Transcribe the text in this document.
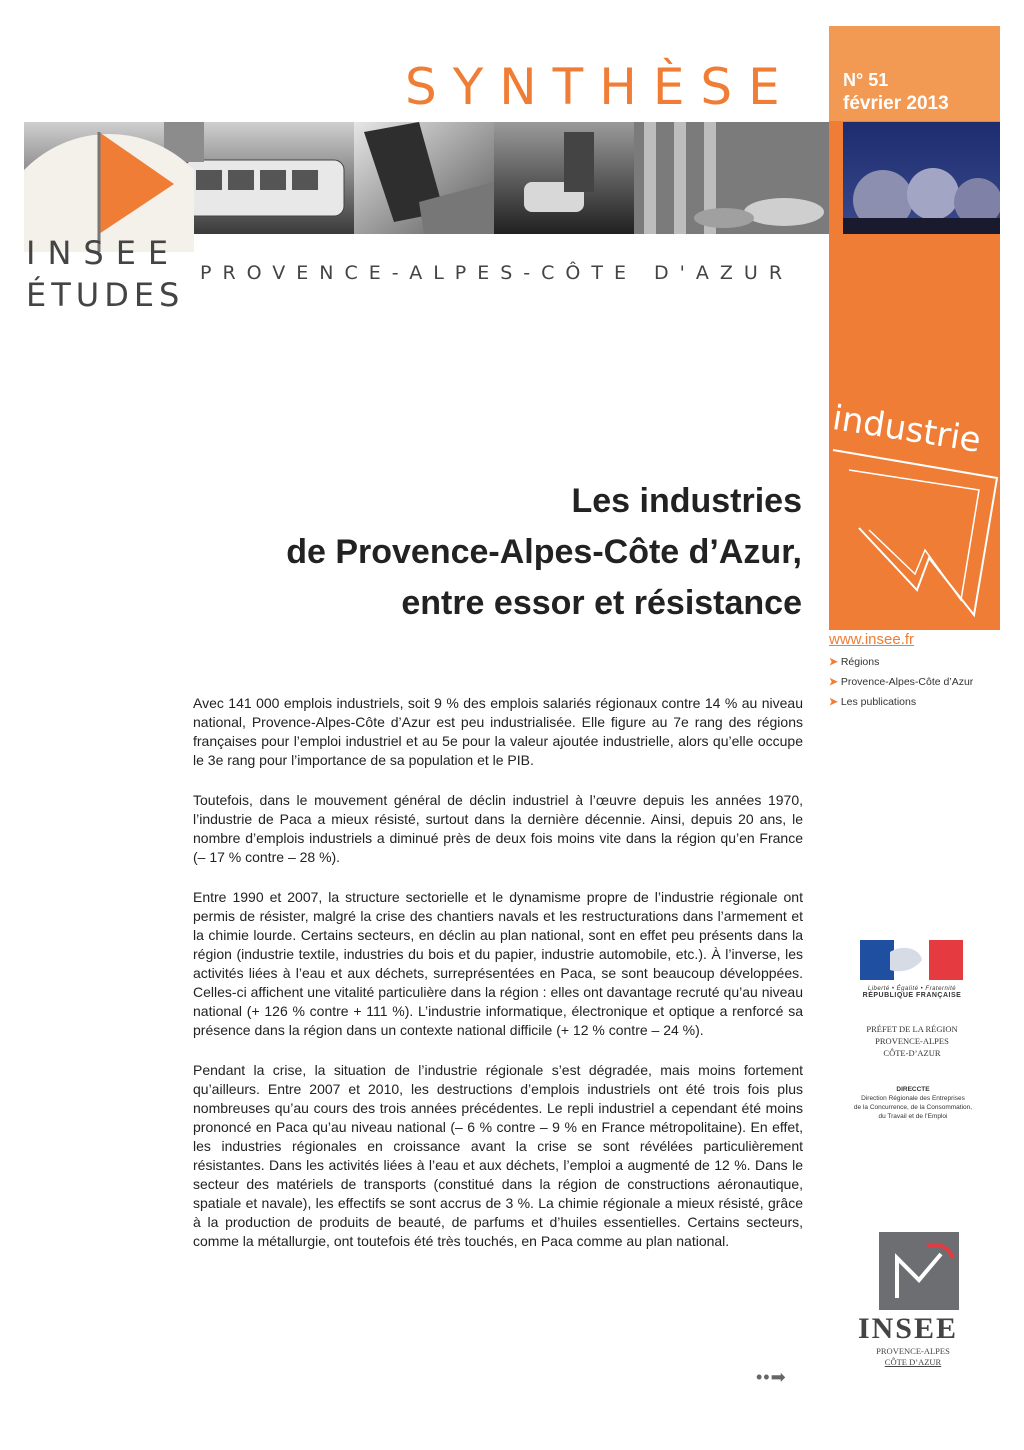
N° 51
février 2013
SYNTHÈSE
INSEE
ÉTUDES
PROVENCE-ALPES-CÔTE D'AZUR
industrie
Les industries
de Provence-Alpes-Côte d’Azur,
entre essor et résistance
www.insee.fr
➤ Régions
➤ Provence-Alpes-Côte d’Azur
➤ Les publications

Avec 141 000 emplois industriels, soit 9 % des emplois salariés régionaux contre 14 % au niveau national, Provence-Alpes-Côte d’Azur est peu industrialisée. Elle figure au 7e rang des régions françaises pour l’emploi industriel et au 5e pour la valeur ajoutée industrielle, alors qu’elle occupe le 3e rang pour l’importance de sa population et le PIB.

Toutefois, dans le mouvement général de déclin industriel à l’œuvre depuis les années 1970, l’industrie de Paca a mieux résisté, surtout dans la dernière décennie. Ainsi, depuis 20 ans, le nombre d’emplois industriels a diminué près de deux fois moins vite dans la région qu’en France (– 17 % contre – 28 %).

Entre 1990 et 2007, la structure sectorielle et le dynamisme propre de l’industrie régionale ont permis de résister, malgré la crise des chantiers navals et les restructurations dans l’armement et la chimie lourde. Certains secteurs, en déclin au plan national, sont en effet peu présents dans la région (industrie textile, industries du bois et du papier, industrie automobile, etc.). À l’inverse, les activités liées à l’eau et aux déchets, surreprésentées en Paca, se sont beaucoup développées. Celles-ci affichent une vitalité particulière dans la région : elles ont davantage recruté qu’au niveau national (+ 126 % contre + 111 %). L’industrie informatique, électronique et optique a renforcé sa présence dans la région dans un contexte national difficile (+ 12 % contre – 24 %).

Pendant la crise, la situation de l’industrie régionale s’est dégradée, mais moins fortement qu’ailleurs. Entre 2007 et 2010, les destructions d’emplois industriels ont été trois fois plus nombreuses qu’au cours des trois années précédentes. Le repli industriel a cependant été moins prononcé en Paca qu’au niveau national (– 6 % contre – 9 % en France métropolitaine). En effet, les industries régionales en croissance avant la crise se sont révélées particulièrement résistantes. Dans les activités liées à l’eau et aux déchets, l’emploi a augmenté de 12 %. Dans le secteur des matériels de transports (constitué dans la région de constructions aéronautique, spatiale et navale), les effectifs se sont accrus de 3 %. La chimie régionale a mieux résisté, grâce à la production de produits de beauté, de parfums et d’huiles essentielles. Certains secteurs, comme la métallurgie, ont toutefois été très touchés, en Paca comme au plan national.

Liberté • Égalité • Fraternité
RÉPUBLIQUE FRANÇAISE
PRÉFET DE LA RÉGION
PROVENCE-ALPES
CÔTE-D’AZUR
DIRECCTE
Direction Régionale des Entreprises
de la Concurrence, de la Consommation,
du Travail et de l’Emploi
INSEE
PROVENCE-ALPES
CÔTE D’AZUR
••➡
